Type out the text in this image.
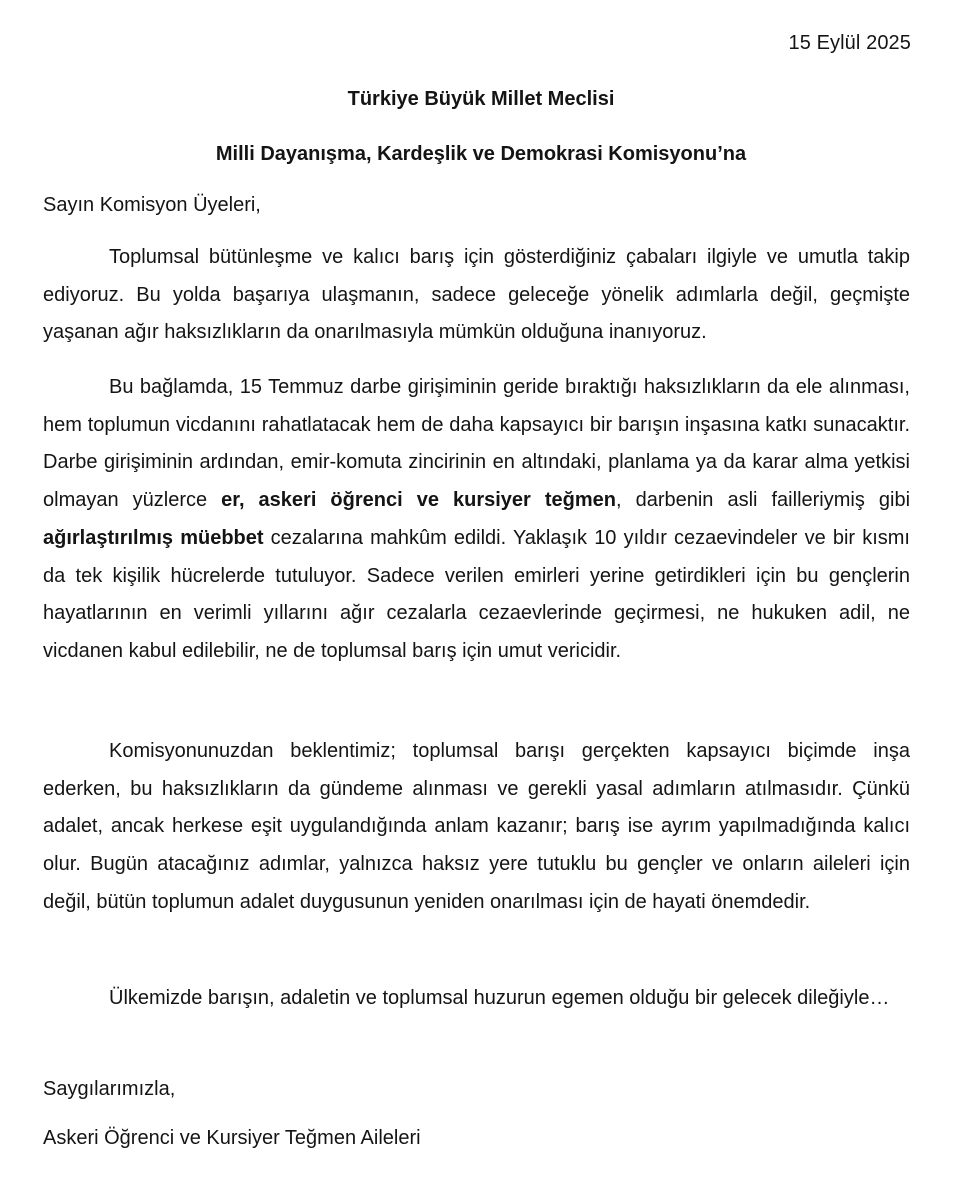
15 Eylül 2025
Türkiye Büyük Millet Meclisi
Milli Dayanışma, Kardeşlik ve Demokrasi Komisyonu’na
Sayın Komisyon Üyeleri,

Toplumsal bütünleşme ve kalıcı barış için gösterdiğiniz çabaları ilgiyle ve umutla takip ediyoruz. Bu yolda başarıya ulaşmanın, sadece geleceğe yönelik adımlarla değil, geçmişte yaşanan ağır haksızlıkların da onarılmasıyla mümkün olduğuna inanıyoruz.

Bu bağlamda, 15 Temmuz darbe girişiminin geride bıraktığı haksızlıkların da ele alınması, hem toplumun vicdanını rahatlatacak hem de daha kapsayıcı bir barışın inşasına katkı sunacaktır. Darbe girişiminin ardından, emir-komuta zincirinin en altındaki, planlama ya da karar alma yetkisi olmayan yüzlerce er, askeri öğrenci ve kursiyer teğmen, darbenin asli failleriymiş gibi ağırlaştırılmış müebbet cezalarına mahkûm edildi. Yaklaşık 10 yıldır cezaevindeler ve bir kısmı da tek kişilik hücrelerde tutuluyor. Sadece verilen emirleri yerine getirdikleri için bu gençlerin hayatlarının en verimli yıllarını ağır cezalarla cezaevlerinde geçirmesi, ne hukuken adil, ne vicdanen kabul edilebilir, ne de toplumsal barış için umut vericidir.

Komisyonunuzdan beklentimiz; toplumsal barışı gerçekten kapsayıcı biçimde inşa ederken, bu haksızlıkların da gündeme alınması ve gerekli yasal adımların atılmasıdır. Çünkü adalet, ancak herkese eşit uygulandığında anlam kazanır; barış ise ayrım yapılmadığında kalıcı olur. Bugün atacağınız adımlar, yalnızca haksız yere tutuklu bu gençler ve onların aileleri için değil, bütün toplumun adalet duygusunun yeniden onarılması için de hayati önemdedir.

Ülkemizde barışın, adaletin ve toplumsal huzurun egemen olduğu bir gelecek dileğiyle…

Saygılarımızla,
Askeri Öğrenci ve Kursiyer Teğmen Aileleri
